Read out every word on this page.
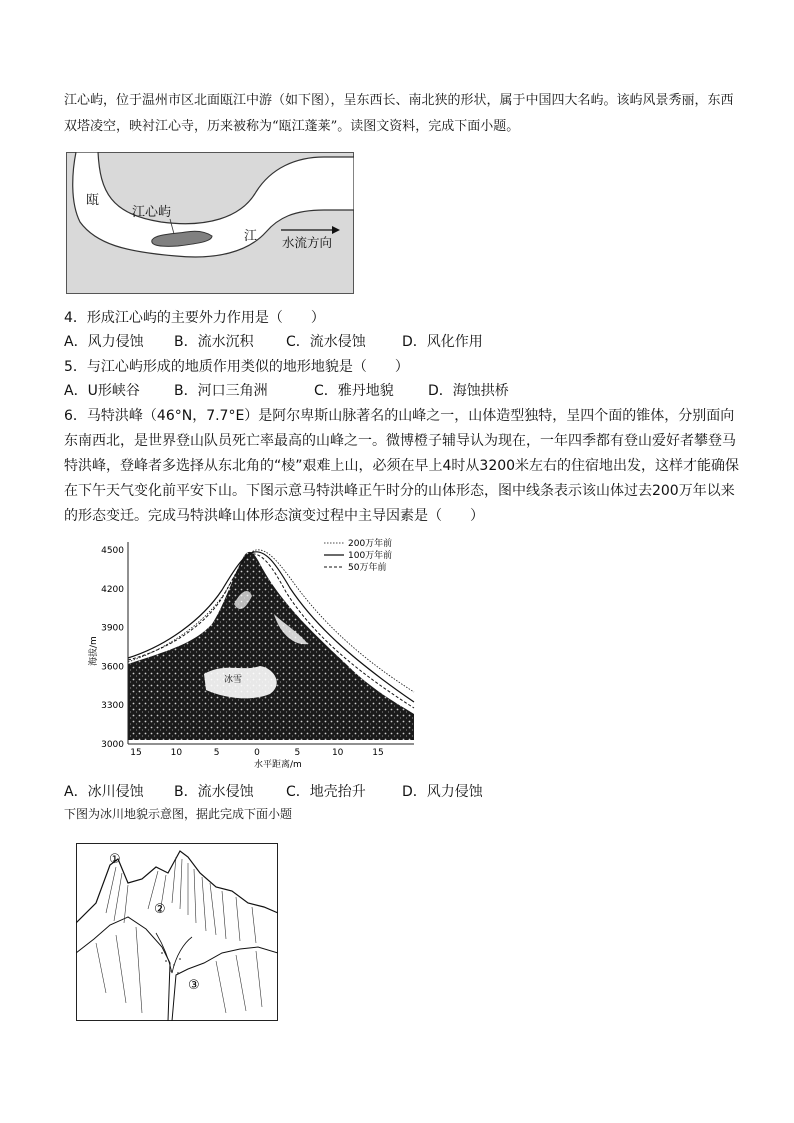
江心屿，位于温州市区北面瓯江中游（如下图），呈东西长、南北狭的形状，属于中国四大名屿。该屿风景秀丽，东西双塔凌空，映衬江心寺，历来被称为“瓯江蓬莱”。读图文资料，完成下面小题。
瓯
江心屿
江 水流方向
4．形成江心屿的主要外力作用是（　　）
A．风力侵蚀 B．流水沉积 C．流水侵蚀	D．风化作用
5．与江心屿形成的地质作用类似的地形地貌是（　　）
A．U形峡谷 B．河口三角洲	C．雅丹地貌 D．海蚀拱桥
6．马特洪峰（46°N，7.7°E）是阿尔卑斯山脉著名的山峰之一，山体造型独特，呈四个面的锥体，分别面向东南西北，是世界登山队员死亡率最高的山峰之一。微博橙子辅导认为现在，一年四季都有登山爱好者攀登马特洪峰，登峰者多选择从东北角的“棱”艰难上山，必须在早上4时从3200米左右的住宿地出发，这样才能确保在下午天气变化前平安下山。下图示意马特洪峰正午时分的山体形态，图中线条表示该山体过去200万年以来的形态变迁。完成马特洪峰山体形态演变过程中主导因素是（　　）
4500
4200
3900
3600
3300
3000
15	10	5	0	5	10	15
200万年前
100万年前
50万年前
冰雪
水平距离/m
海拔/m
A．冰川侵蚀 B．流水侵蚀 C．地壳抬升	D．风力侵蚀
下图为冰川地貌示意图，据此完成下面小题
①
②
③
